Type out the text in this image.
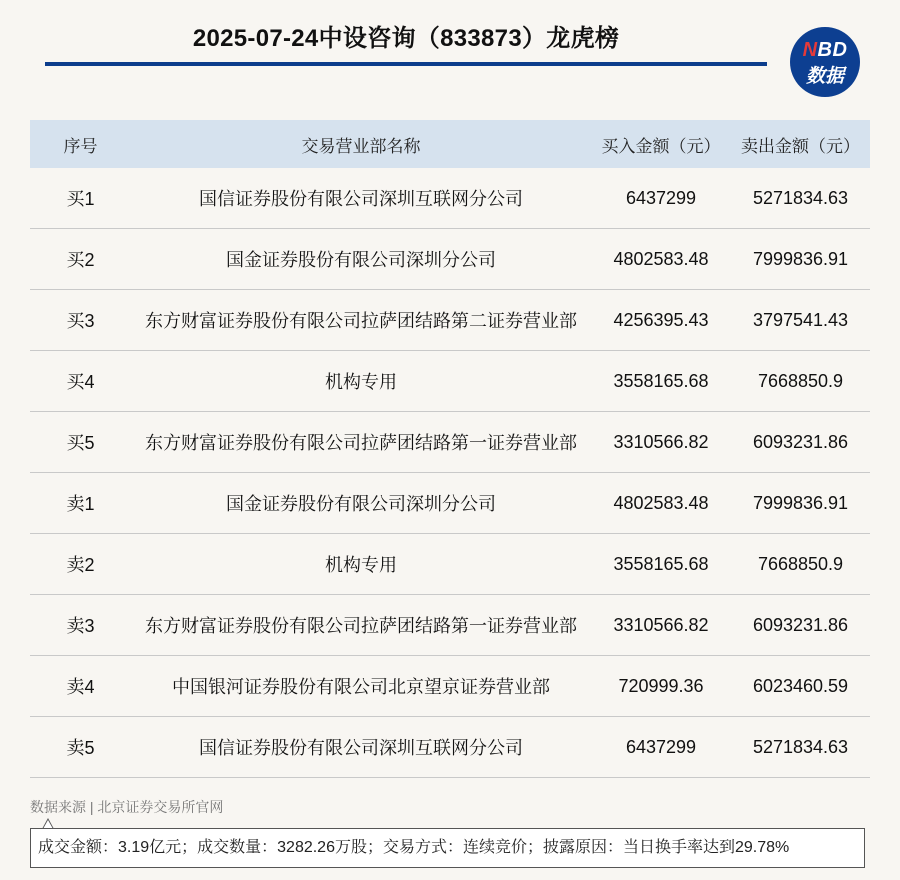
2025-07-24中设咨询（833873）龙虎榜	NBD
数据
序号	交易营业部名称	买入金额（元）	卖出金额（元）
买1	国信证券股份有限公司深圳互联网分公司	6437299	5271834.63
买2	国金证券股份有限公司深圳分公司	4802583.48	7999836.91
买3	东方财富证券股份有限公司拉萨团结路第二证券营业部	4256395.43	3797541.43
买4	机构专用	3558165.68	7668850.9
买5	东方财富证券股份有限公司拉萨团结路第一证券营业部	3310566.82	6093231.86
卖1	国金证券股份有限公司深圳分公司	4802583.48	7999836.91
卖2	机构专用	3558165.68	7668850.9
卖3	东方财富证券股份有限公司拉萨团结路第一证券营业部	3310566.82	6093231.86
卖4	中国银河证券股份有限公司北京望京证券营业部	720999.36	6023460.59
卖5	国信证券股份有限公司深圳互联网分公司	6437299	5271834.63
数据来源 | 北京证券交易所官网
成交金额：3.19亿元；成交数量：3282.26万股；交易方式：连续竞价；披露原因：当日换手率达到29.78%
